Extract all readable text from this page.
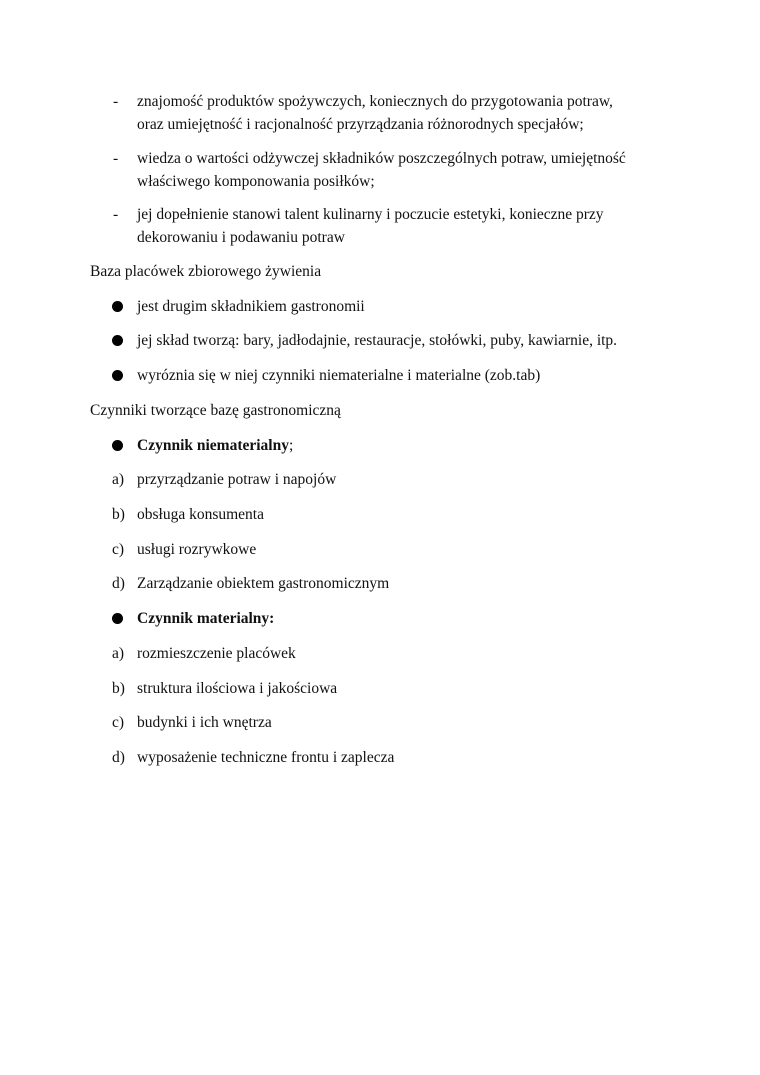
-	znajomość produktów spożywczych, koniecznych do przygotowania potraw,
oraz umiejętność i racjonalność przyrządzania różnorodnych specjałów;
-	wiedza o wartości odżywczej składników poszczególnych potraw, umiejętność
właściwego komponowania posiłków;
-	jej dopełnienie stanowi talent kulinarny i poczucie estetyki, konieczne przy
dekorowaniu i podawaniu potraw
Baza placówek zbiorowego żywienia
jest drugim składnikiem gastronomii
jej skład tworzą: bary, jadłodajnie, restauracje, stołówki, puby, kawiarnie, itp.
wyróznia się w niej czynniki niematerialne i materialne (zob.tab)
Czynniki tworzące bazę gastronomiczną
Czynnik niematerialny;
a) przyrządzanie potraw i napojów
b) obsługa konsumenta
c) usługi rozrywkowe
d) Zarządzanie obiektem gastronomicznym
Czynnik materialny:
a) rozmieszczenie placówek
b) struktura ilościowa i jakościowa
c) budynki i ich wnętrza
d) wyposażenie techniczne frontu i zaplecza
